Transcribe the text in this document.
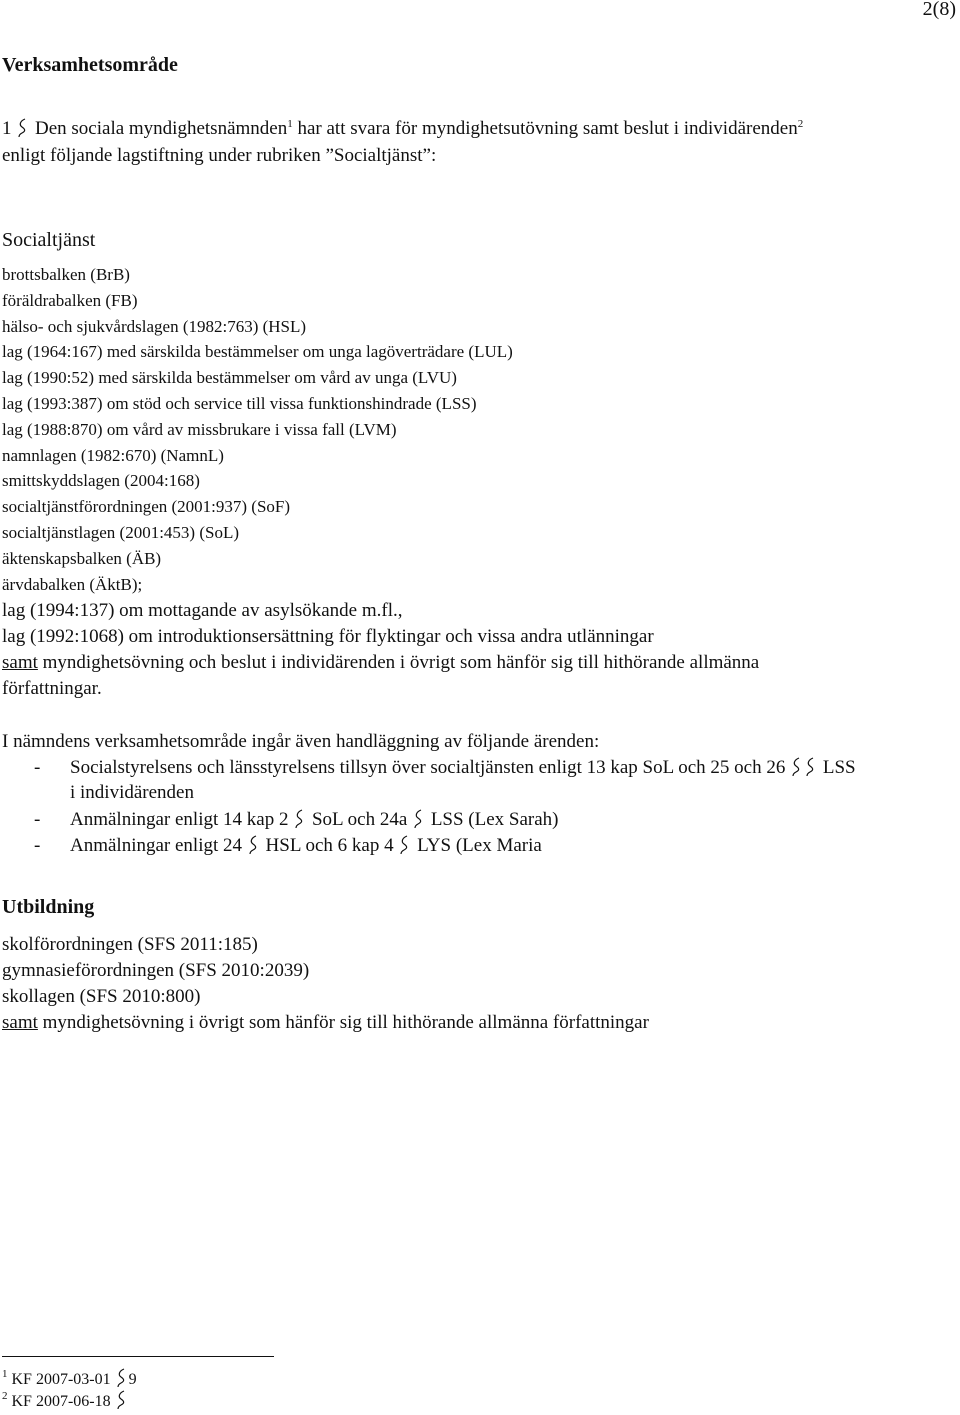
2(8)
Verksamhetsområde
1 Den sociala myndighetsnämnden$^1$ har att svara för myndighetsutövning samt beslut i individärenden$^2$
enligt följande lagstiftning under rubriken ”Socialtjänst”:
Socialtjänst
brottsbalken (BrB)
föräldrabalken (FB)
hälso- och sjukvårdslagen (1982:763) (HSL)
lag (1964:167) med särskilda bestämmelser om unga lagöverträdare (LUL)
lag (1990:52) med särskilda bestämmelser om vård av unga (LVU)
lag (1993:387) om stöd och service till vissa funktionshindrade (LSS)
lag (1988:870) om vård av missbrukare i vissa fall (LVM)
namnlagen (1982:670) (NamnL)
smittskyddslagen (2004:168)
socialtjänstförordningen (2001:937) (SoF)
socialtjänstlagen (2001:453) (SoL)
äktenskapsbalken (ÄB)
ärvdabalken (ÄktB);
lag (1994:137) om mottagande av asylsökande m.fl.,
lag (1992:1068) om introduktionsersättning för flyktingar och vissa andra utlänningar
samt myndighetsövning och beslut i individärenden i övrigt som hänför sig till hithörande allmänna
författningar.
I nämndens verksamhetsområde ingår även handläggning av följande ärenden:
- Socialstyrelsens och länsstyrelsens tillsyn över socialtjänsten enligt 13 kap SoL och 25 och 26 LSS
i individärenden
- Anmälningar enligt 14 kap 2 SoL och 24a LSS (Lex Sarah)
- Anmälningar enligt 24 HSL och 6 kap 4 LYS (Lex Maria
Utbildning
skolförordningen (SFS 2011:185)
gymnasieförordningen (SFS 2010:2039)
skollagen (SFS 2010:800)
samt myndighetsövning i övrigt som hänför sig till hithörande allmänna författningar
$^1$ KF 2007-03-01 9
$^2$ KF 2007-06-18
